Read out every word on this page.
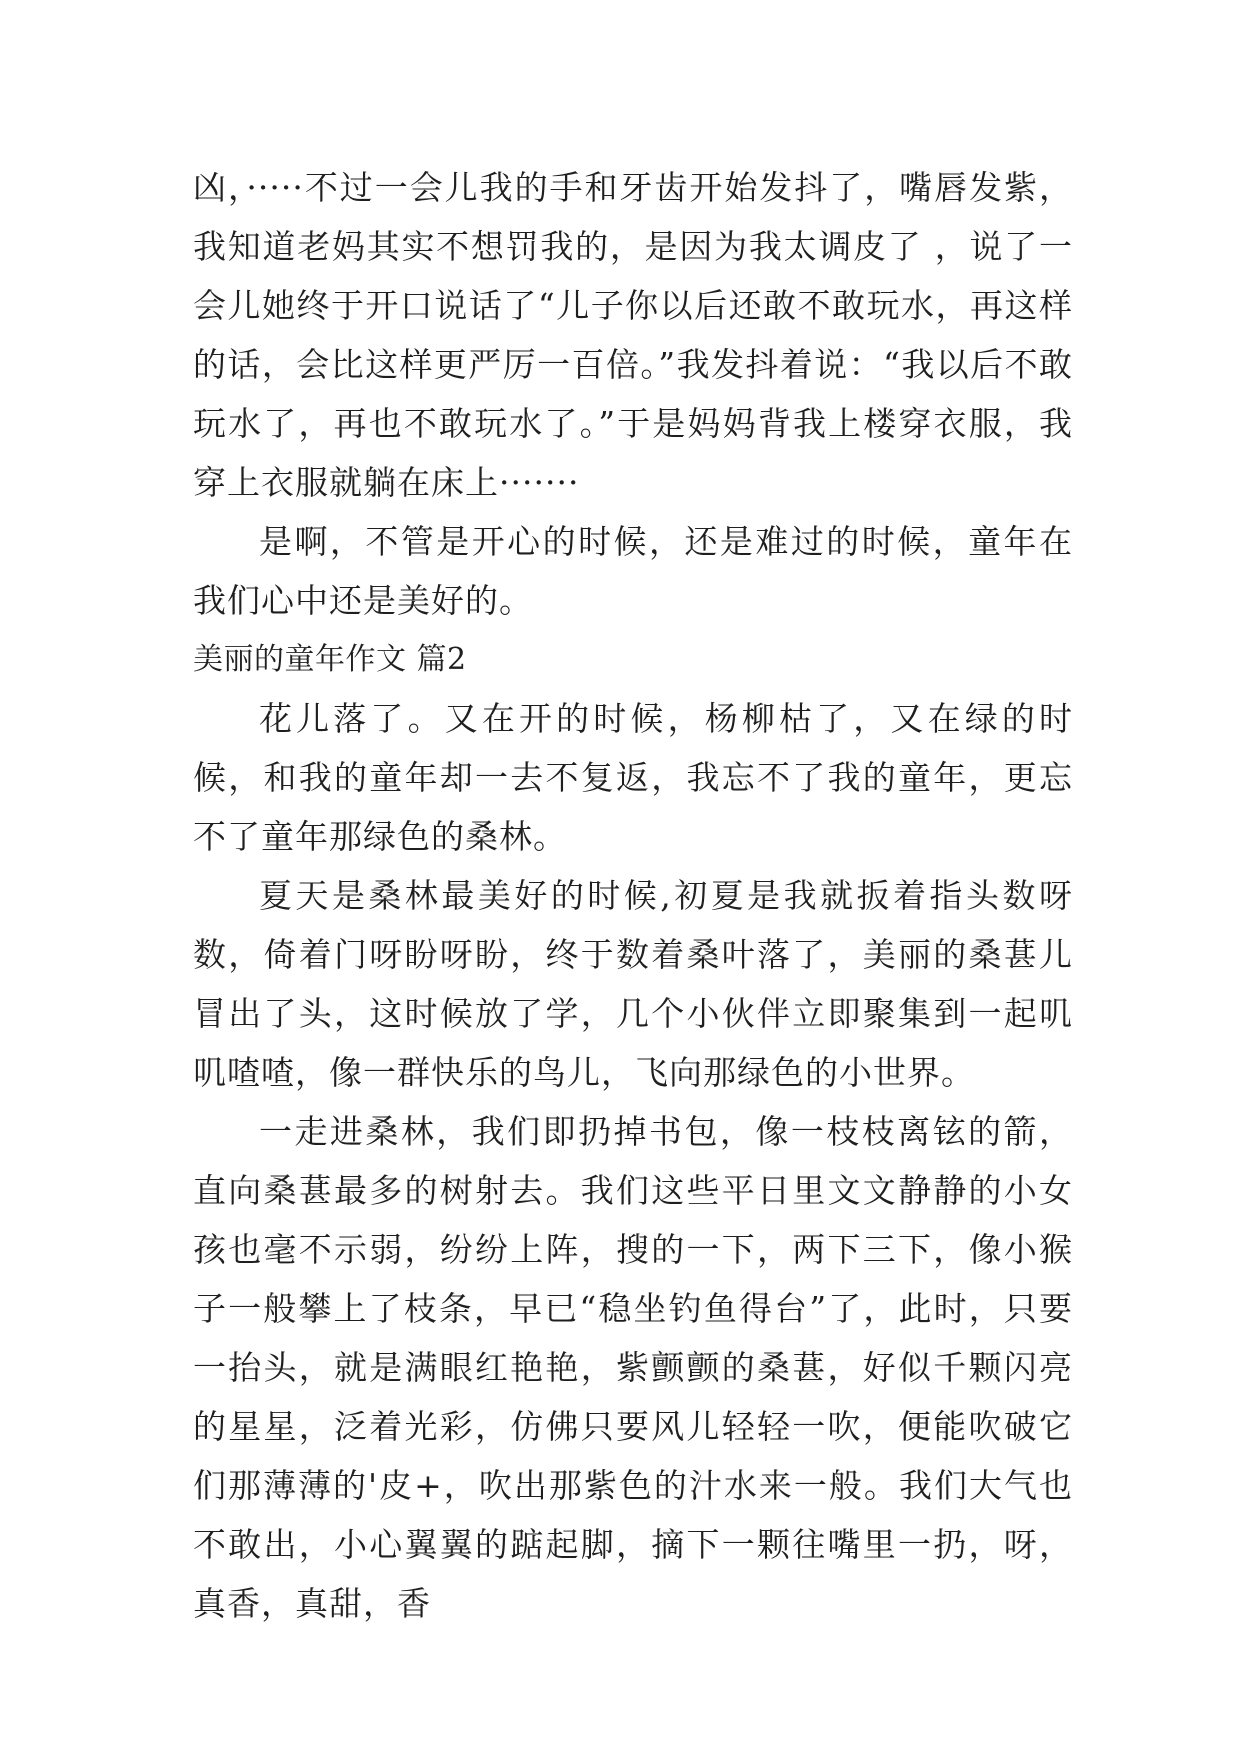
凶，·····不过一会儿我的手和牙齿开始发抖了，嘴唇发紫，我知道老妈其实不想罚我的，是因为我太调皮了 ，说了一会儿她终于开口说话了“儿子你以后还敢不敢玩水，再这样的话，会比这样更严厉一百倍。”我发抖着说：“我以后不敢玩水了，再也不敢玩水了。”于是妈妈背我上楼穿衣服，我穿上衣服就躺在床上·······

是啊，不管是开心的时候，还是难过的时候，童年在我们心中还是美好的。

美丽的童年作文 篇2

花儿落了。又在开的时候，杨柳枯了，又在绿的时候，和我的童年却一去不复返，我忘不了我的童年，更忘不了童年那绿色的桑林。

夏天是桑林最美好的时候,初夏是我就扳着指头数呀数，倚着门呀盼呀盼，终于数着桑叶落了，美丽的桑葚儿冒出了头，这时候放了学，几个小伙伴立即聚集到一起叽叽喳喳，像一群快乐的鸟儿，飞向那绿色的小世界。

一走进桑林，我们即扔掉书包，像一枝枝离铉的箭，直向桑葚最多的树射去。我们这些平日里文文静静的小女孩也毫不示弱，纷纷上阵，搜的一下，两下三下，像小猴子一般攀上了枝条，早已“稳坐钓鱼得台”了，此时，只要一抬头，就是满眼红艳艳，紫颤颤的桑葚，好似千颗闪亮的星星，泛着光彩，仿佛只要风儿轻轻一吹，便能吹破它们那薄薄的'皮+，吹出那紫色的汁水来一般。我们大气也不敢出，小心翼翼的踮起脚，摘下一颗往嘴里一扔，呀，真香，真甜，香
